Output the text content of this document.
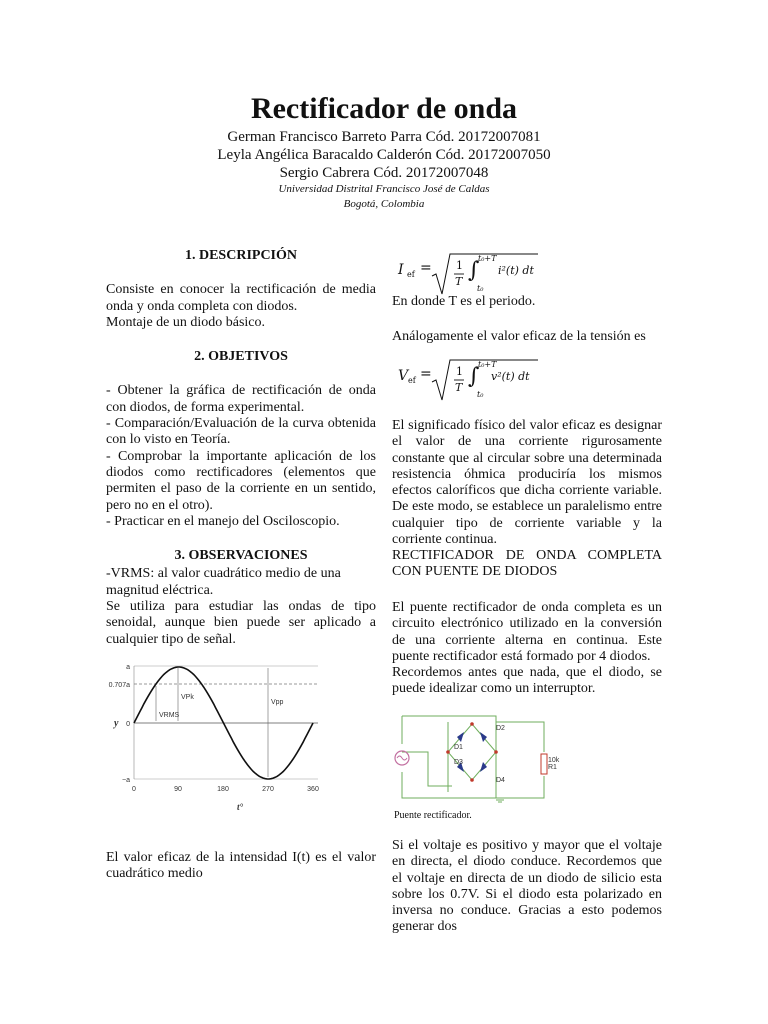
Rectificador de onda
German Francisco Barreto Parra Cód. 20172007081
Leyla Angélica Baracaldo Calderón Cód. 20172007050
Sergio Cabrera Cód. 20172007048
Universidad Distrital Francisco José de Caldas
Bogotá, Colombia
1. DESCRIPCIÓN

Consiste en conocer la rectificación de media onda y onda completa con diodos.

Montaje de un diodo básico.

2. OBJETIVOS

- Obtener la gráfica de rectificación de onda con diodos, de forma experimental.

- Comparación/Evaluación de la curva obtenida con lo visto en Teoría.

- Comprobar la importante aplicación de los diodos como rectificadores (elementos que permiten el paso de la corriente en un sentido, pero no en el otro).

- Practicar en el manejo del Osciloscopio.

3. OBSERVACIONES

-VRMS: al valor cuadrático medio de una magnitud eléctrica.

Se utiliza para estudiar las ondas de tipo senoidal, aunque bien puede ser aplicado a cualquier tipo de señal.

a
0.707a
0
−a
0	90	180	270	360
y
t°
VPk
Vpp
VRMS
El valor eficaz de la intensidad I(t) es el valor cuadrático medio
I ef = 1
T ∫
t₀+T
t₀
i²(t) dt
En donde T es el periodo.
Análogamente el valor eficaz de la tensión es
V ef = 1
T ∫
t₀+T
t₀
v²(t) dt
El significado físico del valor eficaz es designar el valor de una corriente rigurosamente constante que al circular sobre una determinada resistencia óhmica produciría los mismos efectos caloríficos que dicha corriente variable. De este modo, se establece un paralelismo entre cualquier tipo de corriente variable y la corriente continua.
RECTIFICADOR DE ONDA COMPLETA CON PUENTE DE DIODOS
El puente rectificador de onda completa es un circuito electrónico utilizado en la conversión de una corriente alterna en continua. Este puente rectificador está formado por 4 diodos.
Recordemos antes que nada, que el diodo, se puede idealizar como un interruptor.
D1
D2
D3
D4
10k
R1
Puente rectificador.
Si el voltaje es positivo y mayor que el voltaje en directa, el diodo conduce. Recordemos que el voltaje en directa de un diodo de silicio esta sobre los 0.7V. Si el diodo esta polarizado en inversa no conduce. Gracias a esto podemos generar dos
